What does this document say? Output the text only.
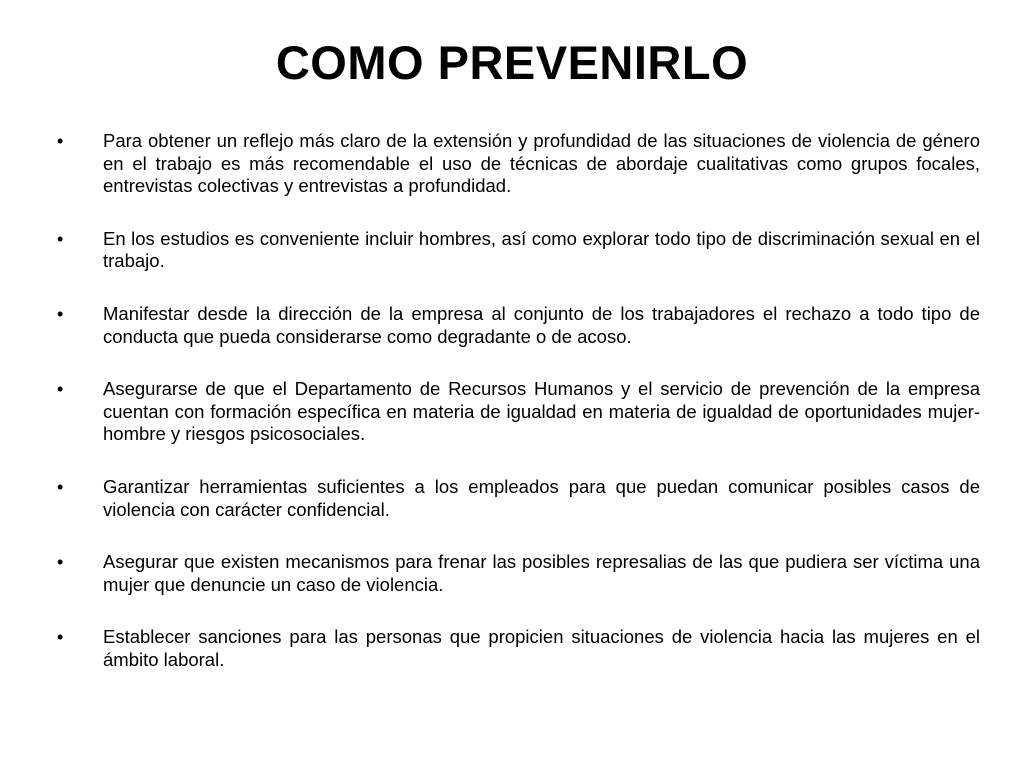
COMO PREVENIRLO
• Para obtener un reflejo más claro de la extensión y profundidad de las situaciones de violencia de género en el trabajo es más recomendable el uso de técnicas de abordaje cualitativas como grupos focales, entrevistas colectivas y entrevistas a profundidad.
• En los estudios es conveniente incluir hombres, así como explorar todo tipo de discriminación sexual en el trabajo.
• Manifestar desde la dirección de la empresa al conjunto de los trabajadores el rechazo a todo tipo de conducta que pueda considerarse como degradante o de acoso.
• Asegurarse de que el Departamento de Recursos Humanos y el servicio de prevención de la empresa cuentan con formación específica en materia de igualdad en materia de igualdad de oportunidades mujer-hombre y riesgos psicosociales.
• Garantizar herramientas suficientes a los empleados para que puedan comunicar posibles casos de violencia con carácter confidencial.
• Asegurar que existen mecanismos para frenar las posibles represalias de las que pudiera ser víctima una mujer que denuncie un caso de violencia.
• Establecer sanciones para las personas que propicien situaciones de violencia hacia las mujeres en el ámbito laboral.
